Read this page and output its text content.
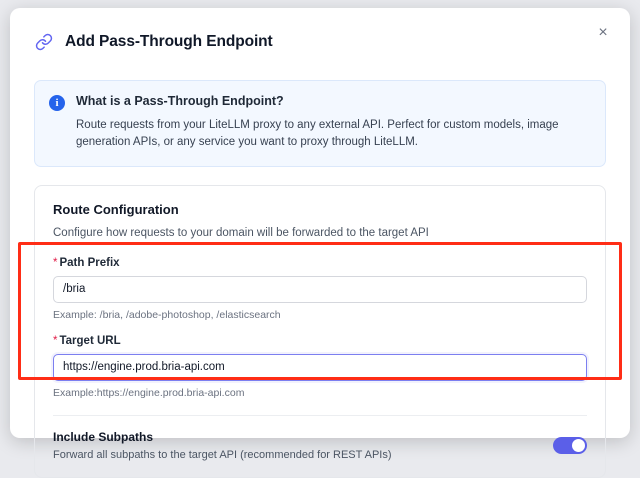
Add Pass-Through Endpoint
×
i	What is a Pass-Through Endpoint?
Route requests from your LiteLLM proxy to any external API. Perfect for custom models, image generation APIs, or any service you want to proxy through LiteLLM.
Route Configuration
Configure how requests to your domain will be forwarded to the target API
* Path Prefix
/bria
Example: /bria, /adobe-photoshop, /elasticsearch
* Target URL
https://engine.prod.bria-api.com
Example:https://engine.prod.bria-api.com
Include Subpaths
Forward all subpaths to the target API (recommended for REST APIs)
